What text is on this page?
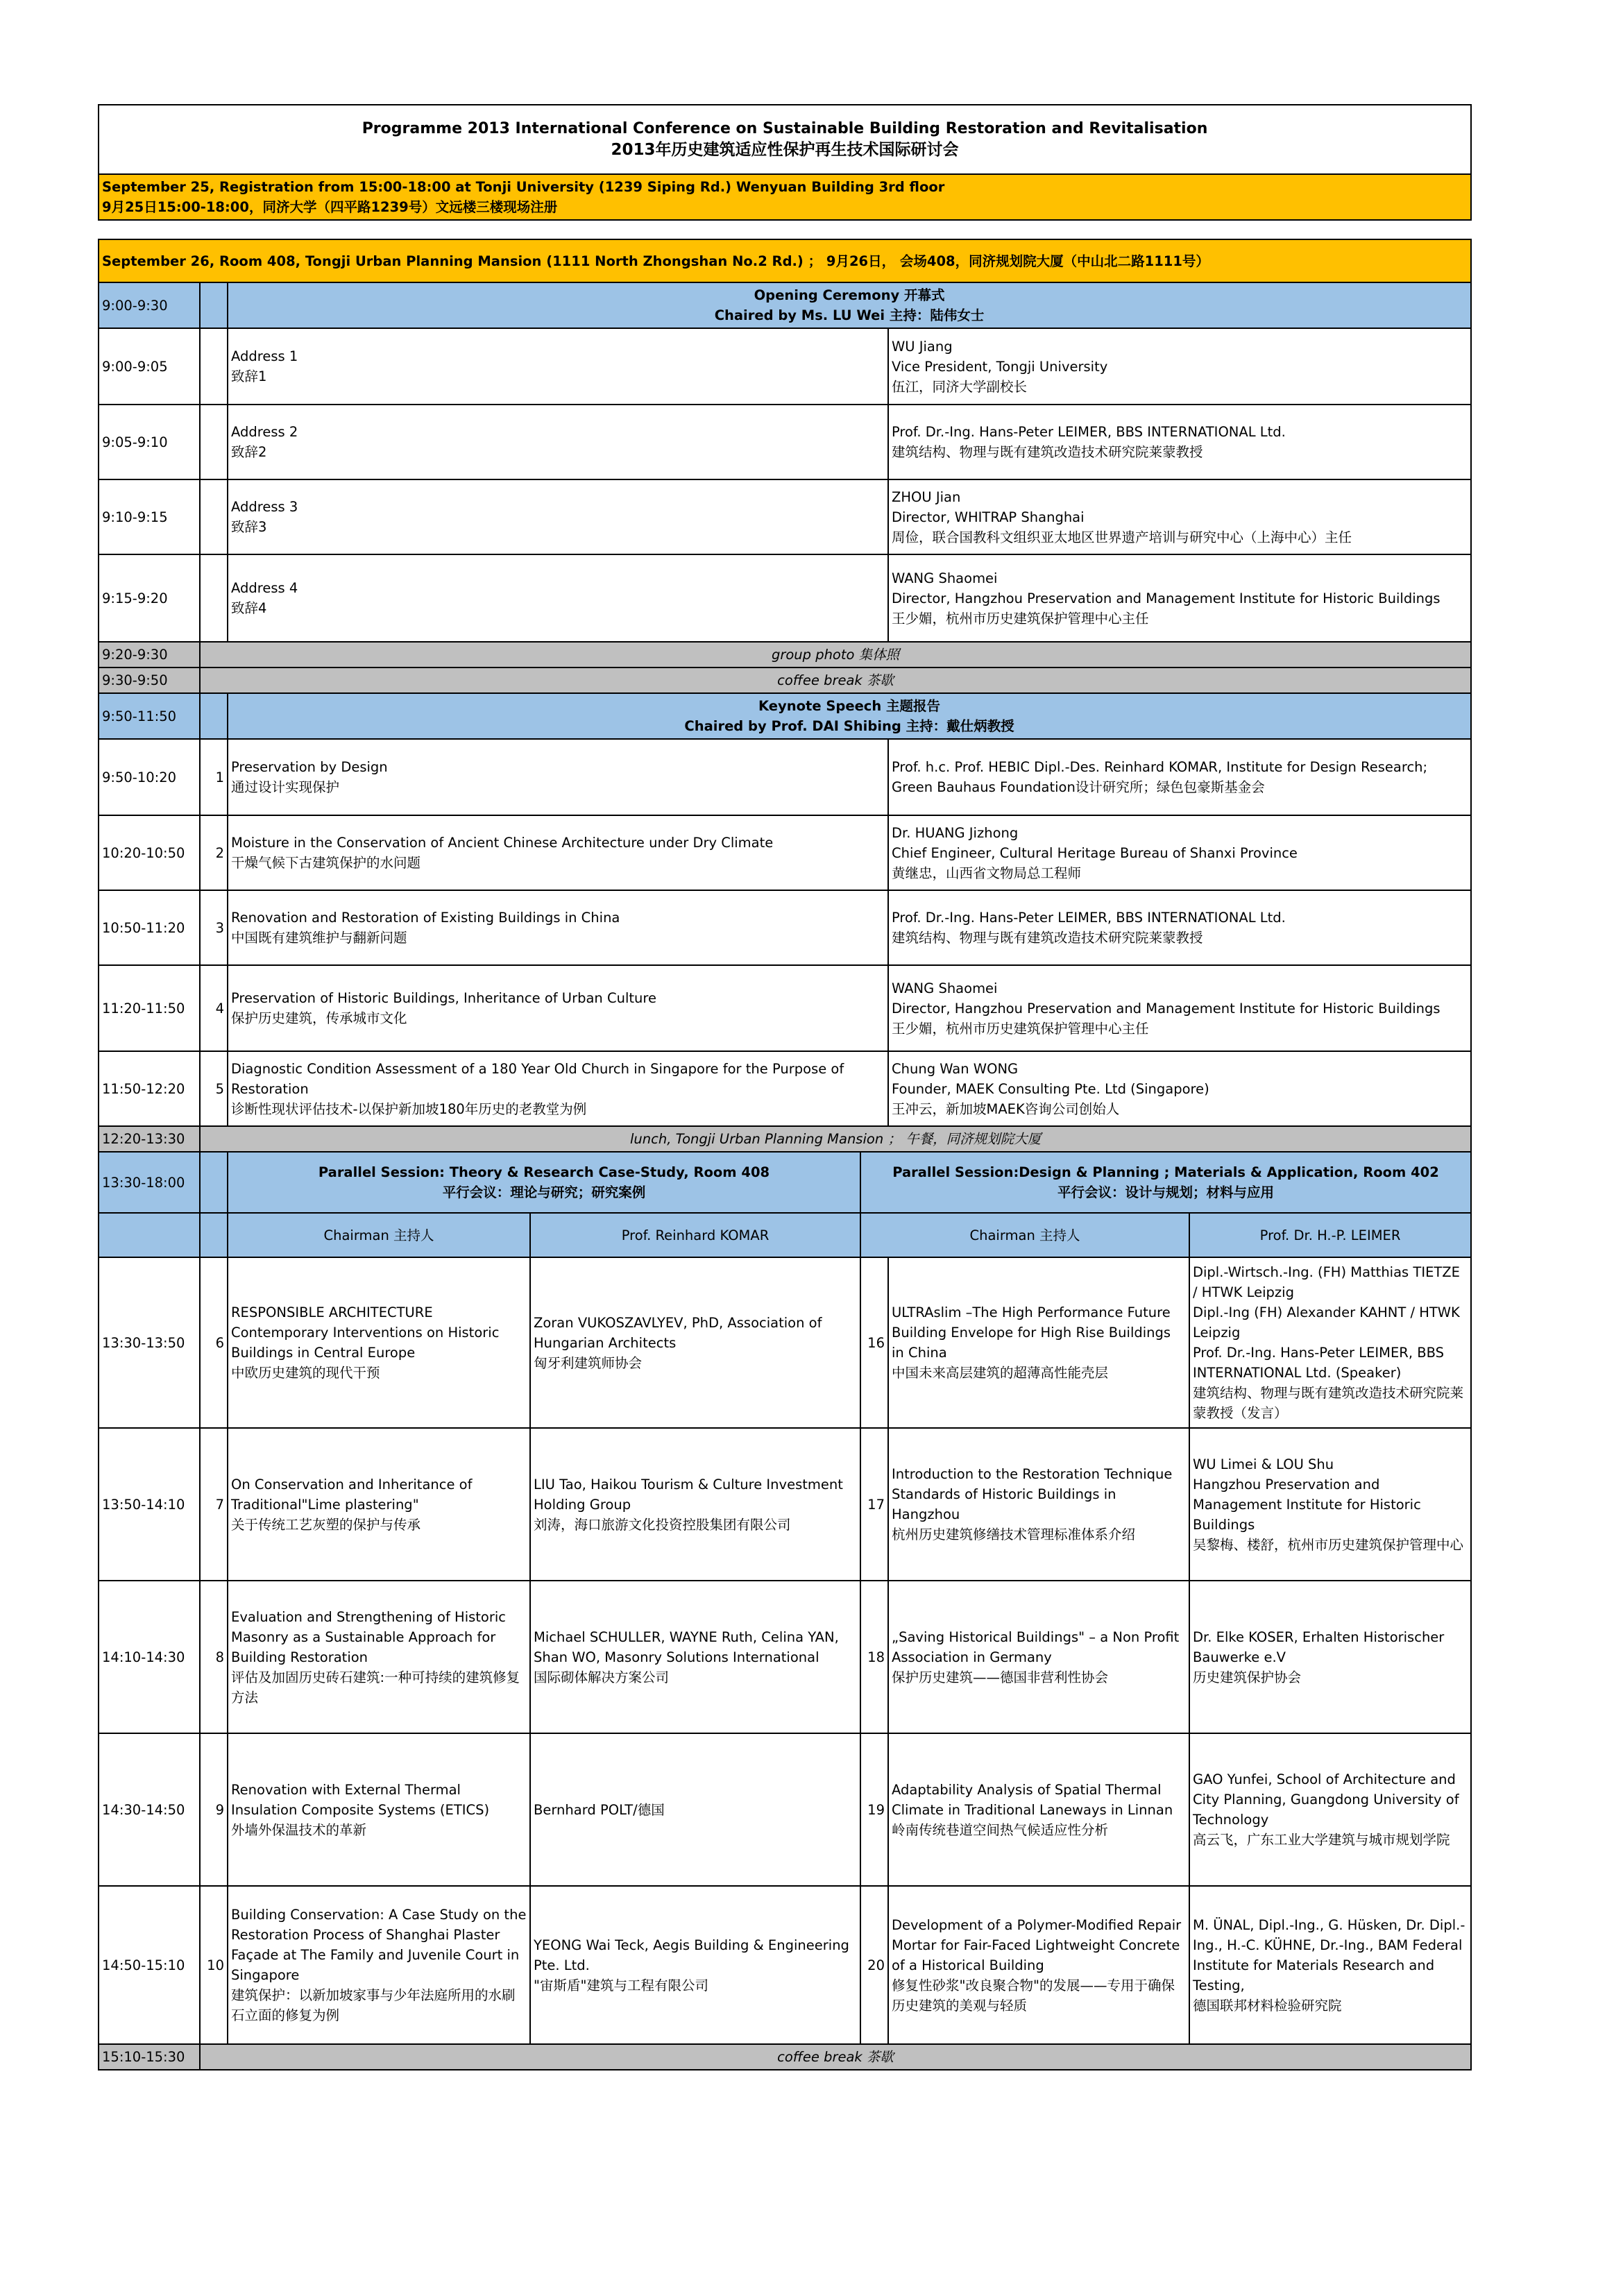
Programme 2013 International Conference on Sustainable Building Restoration and Revitalisation
2013年历史建筑适应性保护再生技术国际研讨会						

September 25, Registration from 15:00-18:00 at Tonji University (1239 Siping Rd.) Wenyuan Building 3rd floor
9月25日15:00-18:00，同济大学（四平路1239号）文远楼三楼现场注册						

September 26, Room 408, Tongji Urban Planning Mansion (1111 North Zhongshan No.2 Rd.) ； 9月26日， 会场408，同济规划院大厦（中山北二路1111号）						
9:00-9:30		Opening Ceremony 开幕式
Chaired by Ms. LU Wei 主持：陆伟女士				

9:00-9:05		Address 1
致辞1			WU Jiang
Vice President, Tongji University
伍江，同济大学副校长	

9:05-9:10		Address 2
致辞2			Prof. Dr.-Ing. Hans-Peter LEIMER, BBS INTERNATIONAL Ltd.
建筑结构、物理与既有建筑改造技术研究院莱蒙教授	

9:10-9:15		Address 3
致辞3			ZHOU Jian
Director, WHITRAP Shanghai
周俭，联合国教科文组织亚太地区世界遗产培训与研究中心（上海中心）主任	

9:15-9:20		Address 4
致辞4			WANG Shaomei
Director, Hangzhou Preservation and Management Institute for Historic Buildings
王少媚，杭州市历史建筑保护管理中心主任	

9:20-9:30	group photo 集体照					
9:30-9:50	coffee break 茶歇					
9:50-11:50		Keynote Speech 主题报告
Chaired by Prof. DAI Shibing 主持：戴仕炳教授				

9:50-10:20	1	Preservation by Design
通过设计实现保护			Prof. h.c. Prof. HEBIC Dipl.-Des. Reinhard KOMAR, Institute for Design Research;
Green Bauhaus Foundation设计研究所；绿色包豪斯基金会	

10:20-10:50	2	Moisture in the Conservation of Ancient Chinese Architecture under Dry Climate
干燥气候下古建筑保护的水问题			Dr. HUANG Jizhong
Chief Engineer, Cultural Heritage Bureau of Shanxi Province
黄继忠，山西省文物局总工程师	

10:50-11:20	3	Renovation and Restoration of Existing Buildings in China
中国既有建筑维护与翻新问题			Prof. Dr.-Ing. Hans-Peter LEIMER, BBS INTERNATIONAL Ltd.
建筑结构、物理与既有建筑改造技术研究院莱蒙教授	

11:20-11:50	4	Preservation of Historic Buildings, Inheritance of Urban Culture
保护历史建筑，传承城市文化			WANG Shaomei
Director, Hangzhou Preservation and Management Institute for Historic Buildings
王少媚，杭州市历史建筑保护管理中心主任	

11:50-12:20	5	Diagnostic Condition Assessment of a 180 Year Old Church in Singapore for the Purpose of Restoration
诊断性现状评估技术-以保护新加坡180年历史的老教堂为例			Chung Wan WONG
Founder, MAEK Consulting Pte. Ltd (Singapore)
王冲云，新加坡MAEK咨询公司创始人	

12:20-13:30	lunch, Tongji Urban Planning Mansion ； 午餐，同济规划院大厦					
13:30-18:00		Parallel Session: Theory & Research Case-Study, Room 408
平行会议：理论与研究；研究案例		Parallel Session:Design & Planning ; Materials & Application, Room 402
平行会议：设计与规划；材料与应用		

		Chairman 主持人	Prof. Reinhard KOMAR	Chairman 主持人		Prof. Dr. H.-P. LEIMER
13:30-13:50	6	RESPONSIBLE ARCHITECTURE
Contemporary Interventions on Historic Buildings in Central Europe
中欧历史建筑的现代干预	Zoran VUKOSZAVLYEV, PhD, Association of Hungarian Architects
匈牙利建筑师协会	16	ULTRAslim –The High Performance Future Building Envelope for High Rise Buildings in China
中国未来高层建筑的超薄高性能壳层	Dipl.-Wirtsch.-Ing. (FH) Matthias TIETZE / HTWK Leipzig
Dipl.-Ing (FH) Alexander KAHNT / HTWK Leipzig
Prof. Dr.-Ing. Hans-Peter LEIMER, BBS INTERNATIONAL Ltd. (Speaker)
建筑结构、物理与既有建筑改造技术研究院莱蒙教授（发言）

13:50-14:10	7	On Conservation and Inheritance of Traditional"Lime plastering"
关于传统工艺灰塑的保护与传承	LIU Tao, Haikou Tourism & Culture Investment Holding Group
刘涛，海口旅游文化投资控股集团有限公司	17	Introduction to the Restoration Technique Standards of Historic Buildings in Hangzhou
杭州历史建筑修缮技术管理标准体系介绍	WU Limei & LOU Shu
Hangzhou Preservation and Management Institute for Historic Buildings
吴黎梅、楼舒，杭州市历史建筑保护管理中心

14:10-14:30	8	Evaluation and Strengthening of Historic Masonry as a Sustainable Approach for Building Restoration
评估及加固历史砖石建筑:一种可持续的建筑修复方法	Michael SCHULLER, WAYNE Ruth, Celina YAN, Shan WO, Masonry Solutions International
国际砌体解决方案公司	18	„Saving Historical Buildings" – a Non Profit Association in Germany
保护历史建筑——德国非营利性协会	Dr. Elke KOSER, Erhalten Historischer Bauwerke e.V
历史建筑保护协会

14:30-14:50	9	Renovation with External Thermal Insulation Composite Systems (ETICS)
外墙外保温技术的革新	Bernhard POLT/德国	19	Adaptability Analysis of Spatial Thermal Climate in Traditional Laneways in Linnan
岭南传统巷道空间热气候适应性分析	GAO Yunfei, School of Architecture and City Planning, Guangdong University of Technology
高云飞，广东工业大学建筑与城市规划学院

14:50-15:10	10	Building Conservation: A Case Study on the Restoration Process of Shanghai Plaster Façade at The Family and Juvenile Court in Singapore
建筑保护：以新加坡家事与少年法庭所用的水刷石立面的修复为例	YEONG Wai Teck, Aegis Building & Engineering Pte. Ltd.
"宙斯盾"建筑与工程有限公司	20	Development of a Polymer-Modified Repair Mortar for Fair-Faced Lightweight Concrete of a Historical Building
修复性砂浆"改良聚合物"的发展——专用于确保历史建筑的美观与轻质	M. ÜNAL, Dipl.-Ing., G. Hüsken, Dr. Dipl.-Ing., H.-C. KÜHNE, Dr.-Ing., BAM Federal Institute for Materials Research and Testing,
德国联邦材料检验研究院

15:10-15:30	coffee break 茶歇					
